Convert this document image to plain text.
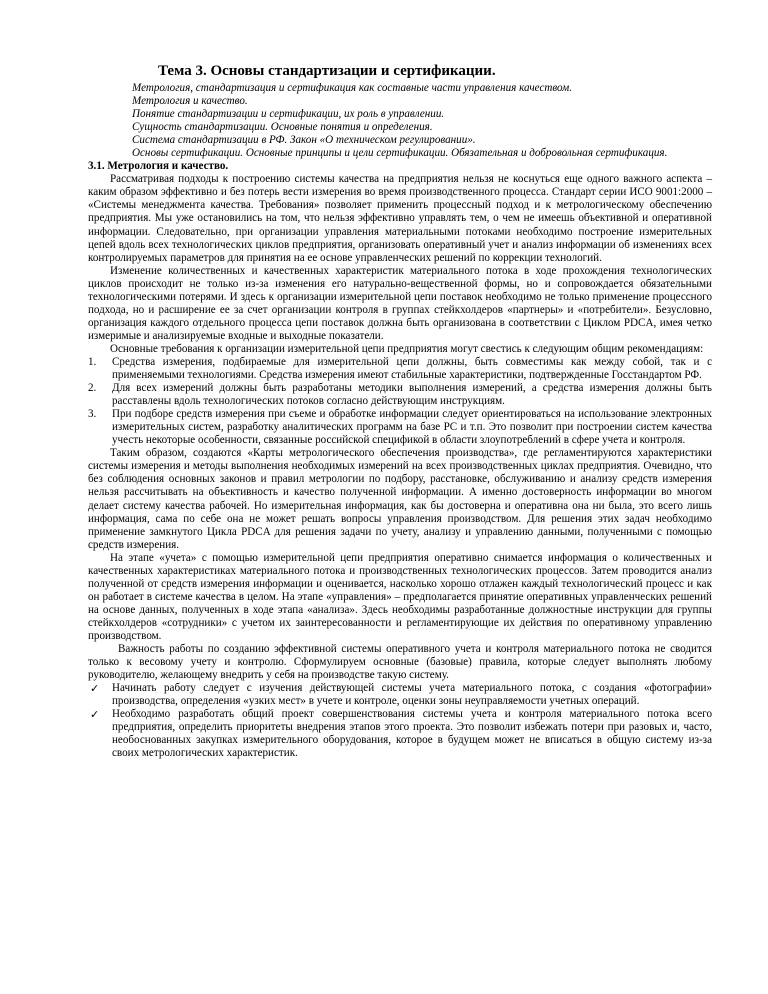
Тема 3. Основы стандартизации и сертификации.
Метрология, стандартизация и сертификация как составные части управления качеством.
Метрология и качество.
Понятие стандартизации и сертификации, их роль в управлении.
Сущность стандартизации. Основные понятия и определения.
Система стандартизации в РФ. Закон «О техническом регулировании».
Основы сертификации. Основные принципы и цели сертификации. Обязательная и добровольная сертификация.
3.1. Метрология и качество.

Рассматривая подходы к построению системы качества на предприятия нельзя не коснуться еще одного важного аспекта – каким образом эффективно и без потерь вести измерения во время производственного процесса. Стандарт серии ИСО 9001:2000 – «Системы менеджмента качества. Требования» позволяет применить процессный подход и к метрологическому обеспечению предприятия. Мы уже остановились на том, что нельзя эффективно управлять тем, о чем не имеешь объективной и оперативной информации. Следовательно, при организации управления материальными потоками необходимо построение измерительных цепей вдоль всех технологических циклов предприятия, организовать оперативный учет и анализ информации об изменениях всех контролируемых параметров для принятия на ее основе управленческих решений по коррекции технологий.

Изменение количественных и качественных характеристик материального потока в ходе прохождения технологических циклов происходит не только из-за изменения его натурально-вещественной формы, но и сопровождается обязательными технологическими потерями. И здесь к организации измерительной цепи поставок необходимо не только применение процессного подхода, но и расширение ее за счет организации контроля в группах стейкхолдеров «партнеры» и «потребители». Безусловно, организация каждого отдельного процесса цепи поставок должна быть организована в соответствии с Циклом PDCA, имея четко измеримые и анализируемые входные и выходные показатели.

Основные требования к организации измерительной цепи предприятия могут свестись к следующим общим рекомендациям:

1. Средства измерения, подбираемые для измерительной цепи должны, быть совместимы как между собой, так и с применяемыми технологиями. Средства измерения имеют стабильные характеристики, подтвержденные Госстандартом РФ.
2. Для всех измерений должны быть разработаны методики выполнения измерений, а средства измерения должны быть расставлены вдоль технологических потоков согласно действующим инструкциям.
3. При подборе средств измерения при съеме и обработке информации следует ориентироваться на использование электронных измерительных систем, разработку аналитических программ на базе PC и т.п. Это позволит при построении систем качества учесть некоторые особенности, связанные российской спецификой в области злоупотреблений в сфере учета и контроля.

Таким образом, создаются «Карты метрологического обеспечения производства», где регламентируются характеристики системы измерения и методы выполнения необходимых измерений на всех производственных циклах предприятия. Очевидно, что без соблюдения основных законов и правил метрологии по подбору, расстановке, обслуживанию и анализу средств измерения нельзя рассчитывать на объективность и качество полученной информации. А именно достоверность информации во многом делает систему качества рабочей. Но измерительная информация, как бы достоверна и оперативна она ни была, это всего лишь информация, сама по себе она не может решать вопросы управления производством. Для решения этих задач необходимо применение замкнутого Цикла PDCA для решения задачи по учету, анализу и управлению данными, полученными с помощью средств измерения.

На этапе «учета» с помощью измерительной цепи предприятия оперативно снимается информация о количественных и качественных характеристиках материального потока и производственных технологических процессов. Затем проводится анализ полученной от средств измерения информации и оценивается, насколько хорошо отлажен каждый технологический процесс и как он работает в системе качества в целом. На этапе «управления» – предполагается принятие оперативных управленческих решений на основе данных, полученных в ходе этапа «анализа». Здесь необходимы разработанные должностные инструкции для группы стейкхолдеров «сотрудники» с учетом их заинтересованности и регламентирующие их действия по оперативному управлению производством.

Важность работы по созданию эффективной системы оперативного учета и контроля материального потока не сводится только к весовому учету и контролю. Сформулируем основные (базовые) правила, которые следует выполнять любому руководителю, желающему внедрить у себя на производстве такую систему.

✓ Начинать работу следует с изучения действующей системы учета материального потока, с создания «фотографии» производства, определения «узких мест» в учете и контроле, оценки зоны неуправляемости учетных операций.
✓ Необходимо разработать общий проект совершенствования системы учета и контроля материального потока всего предприятия, определить приоритеты внедрения этапов этого проекта. Это позволит избежать потери при разовых и, часто, необоснованных закупках измерительного оборудования, которое в будущем может не вписаться в общую систему из-за своих метрологических характеристик.
